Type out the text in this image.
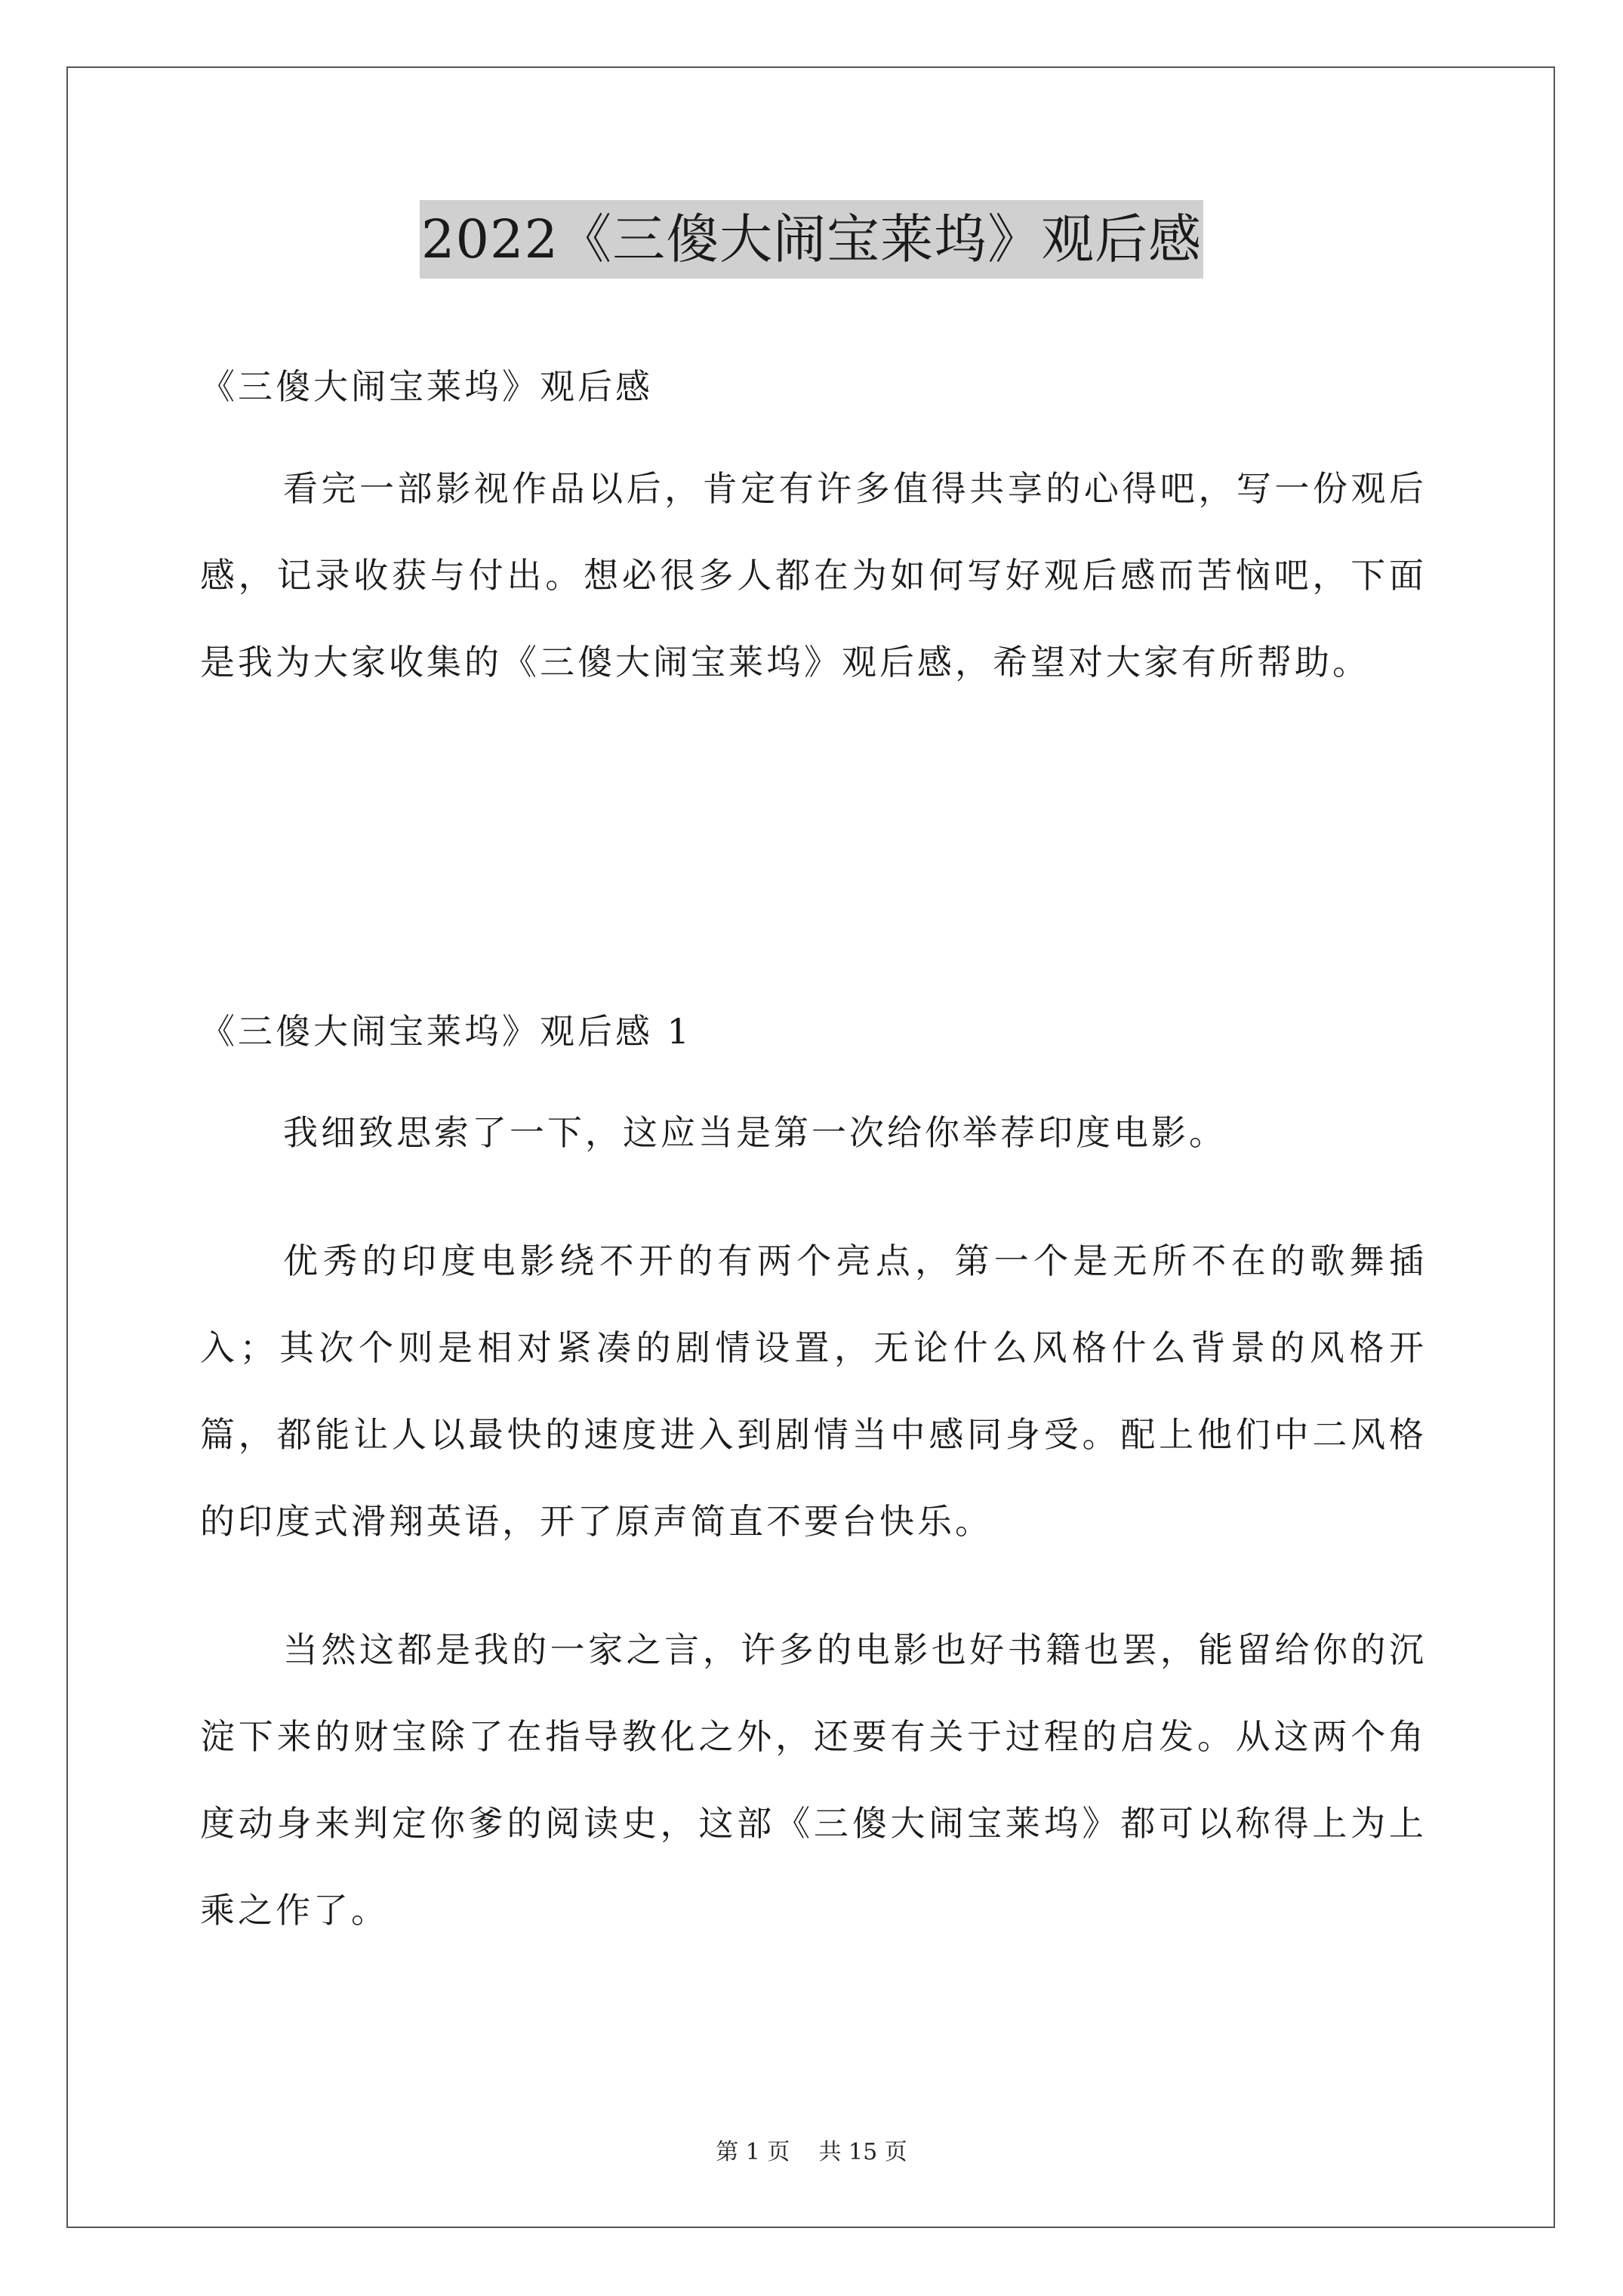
2022《三傻大闹宝莱坞》观后感

《三傻大闹宝莱坞》观后感

看完一部影视作品以后，肯定有许多值得共享的心得吧，写一份观后感，记录收获与付出。想必很多人都在为如何写好观后感而苦恼吧，下面是我为大家收集的《三傻大闹宝莱坞》观后感，希望对大家有所帮助。

《三傻大闹宝莱坞》观后感 1

我细致思索了一下，这应当是第一次给你举荐印度电影。

优秀的印度电影绕不开的有两个亮点，第一个是无所不在的歌舞插入；其次个则是相对紧凑的剧情设置，无论什么风格什么背景的风格开篇，都能让人以最快的速度进入到剧情当中感同身受。配上他们中二风格的印度式滑翔英语，开了原声简直不要台快乐。

当然这都是我的一家之言，许多的电影也好书籍也罢，能留给你的沉淀下来的财宝除了在指导教化之外，还要有关于过程的启发。从这两个角度动身来判定你爹的阅读史，这部《三傻大闹宝莱坞》都可以称得上为上乘之作了。

第 1 页    共 15 页
